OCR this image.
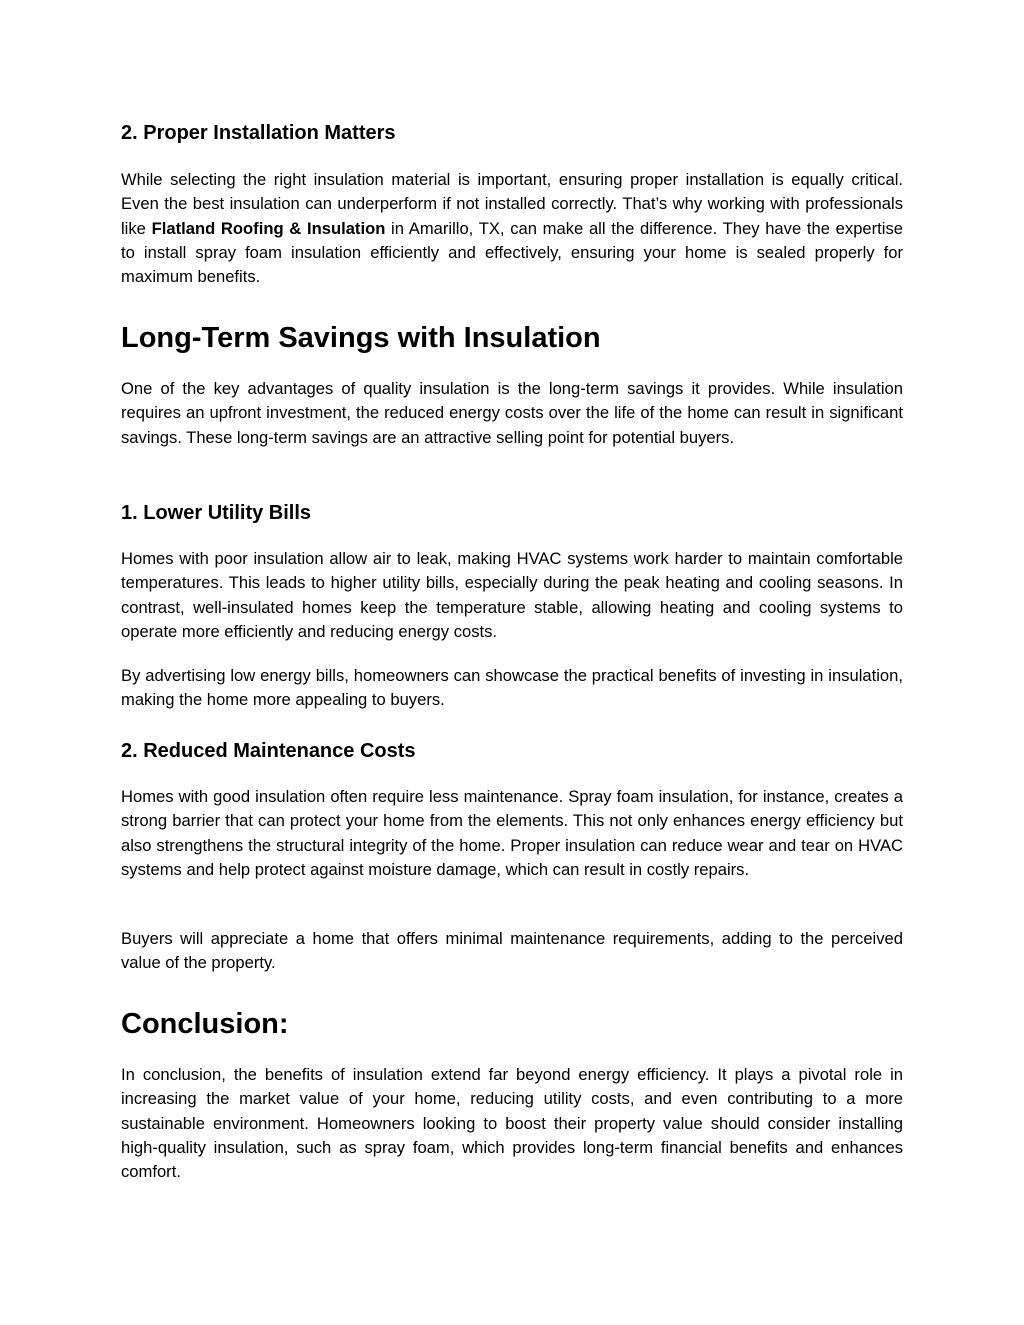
2. Proper Installation Matters

While selecting the right insulation material is important, ensuring proper installation is equally critical. Even the best insulation can underperform if not installed correctly. That’s why working with professionals like Flatland Roofing & Insulation in Amarillo, TX, can make all the difference. They have the expertise to install spray foam insulation efficiently and effectively, ensuring your home is sealed properly for maximum benefits.

Long-Term Savings with Insulation

One of the key advantages of quality insulation is the long-term savings it provides. While insulation requires an upfront investment, the reduced energy costs over the life of the home can result in significant savings. These long-term savings are an attractive selling point for potential buyers.

1. Lower Utility Bills

Homes with poor insulation allow air to leak, making HVAC systems work harder to maintain comfortable temperatures. This leads to higher utility bills, especially during the peak heating and cooling seasons. In contrast, well-insulated homes keep the temperature stable, allowing heating and cooling systems to operate more efficiently and reducing energy costs.

By advertising low energy bills, homeowners can showcase the practical benefits of investing in insulation, making the home more appealing to buyers.

2. Reduced Maintenance Costs

Homes with good insulation often require less maintenance. Spray foam insulation, for instance, creates a strong barrier that can protect your home from the elements. This not only enhances energy efficiency but also strengthens the structural integrity of the home. Proper insulation can reduce wear and tear on HVAC systems and help protect against moisture damage, which can result in costly repairs.

Buyers will appreciate a home that offers minimal maintenance requirements, adding to the perceived value of the property.

Conclusion:

In conclusion, the benefits of insulation extend far beyond energy efficiency. It plays a pivotal role in increasing the market value of your home, reducing utility costs, and even contributing to a more sustainable environment. Homeowners looking to boost their property value should consider installing high-quality insulation, such as spray foam, which provides long-term financial benefits and enhances comfort.
